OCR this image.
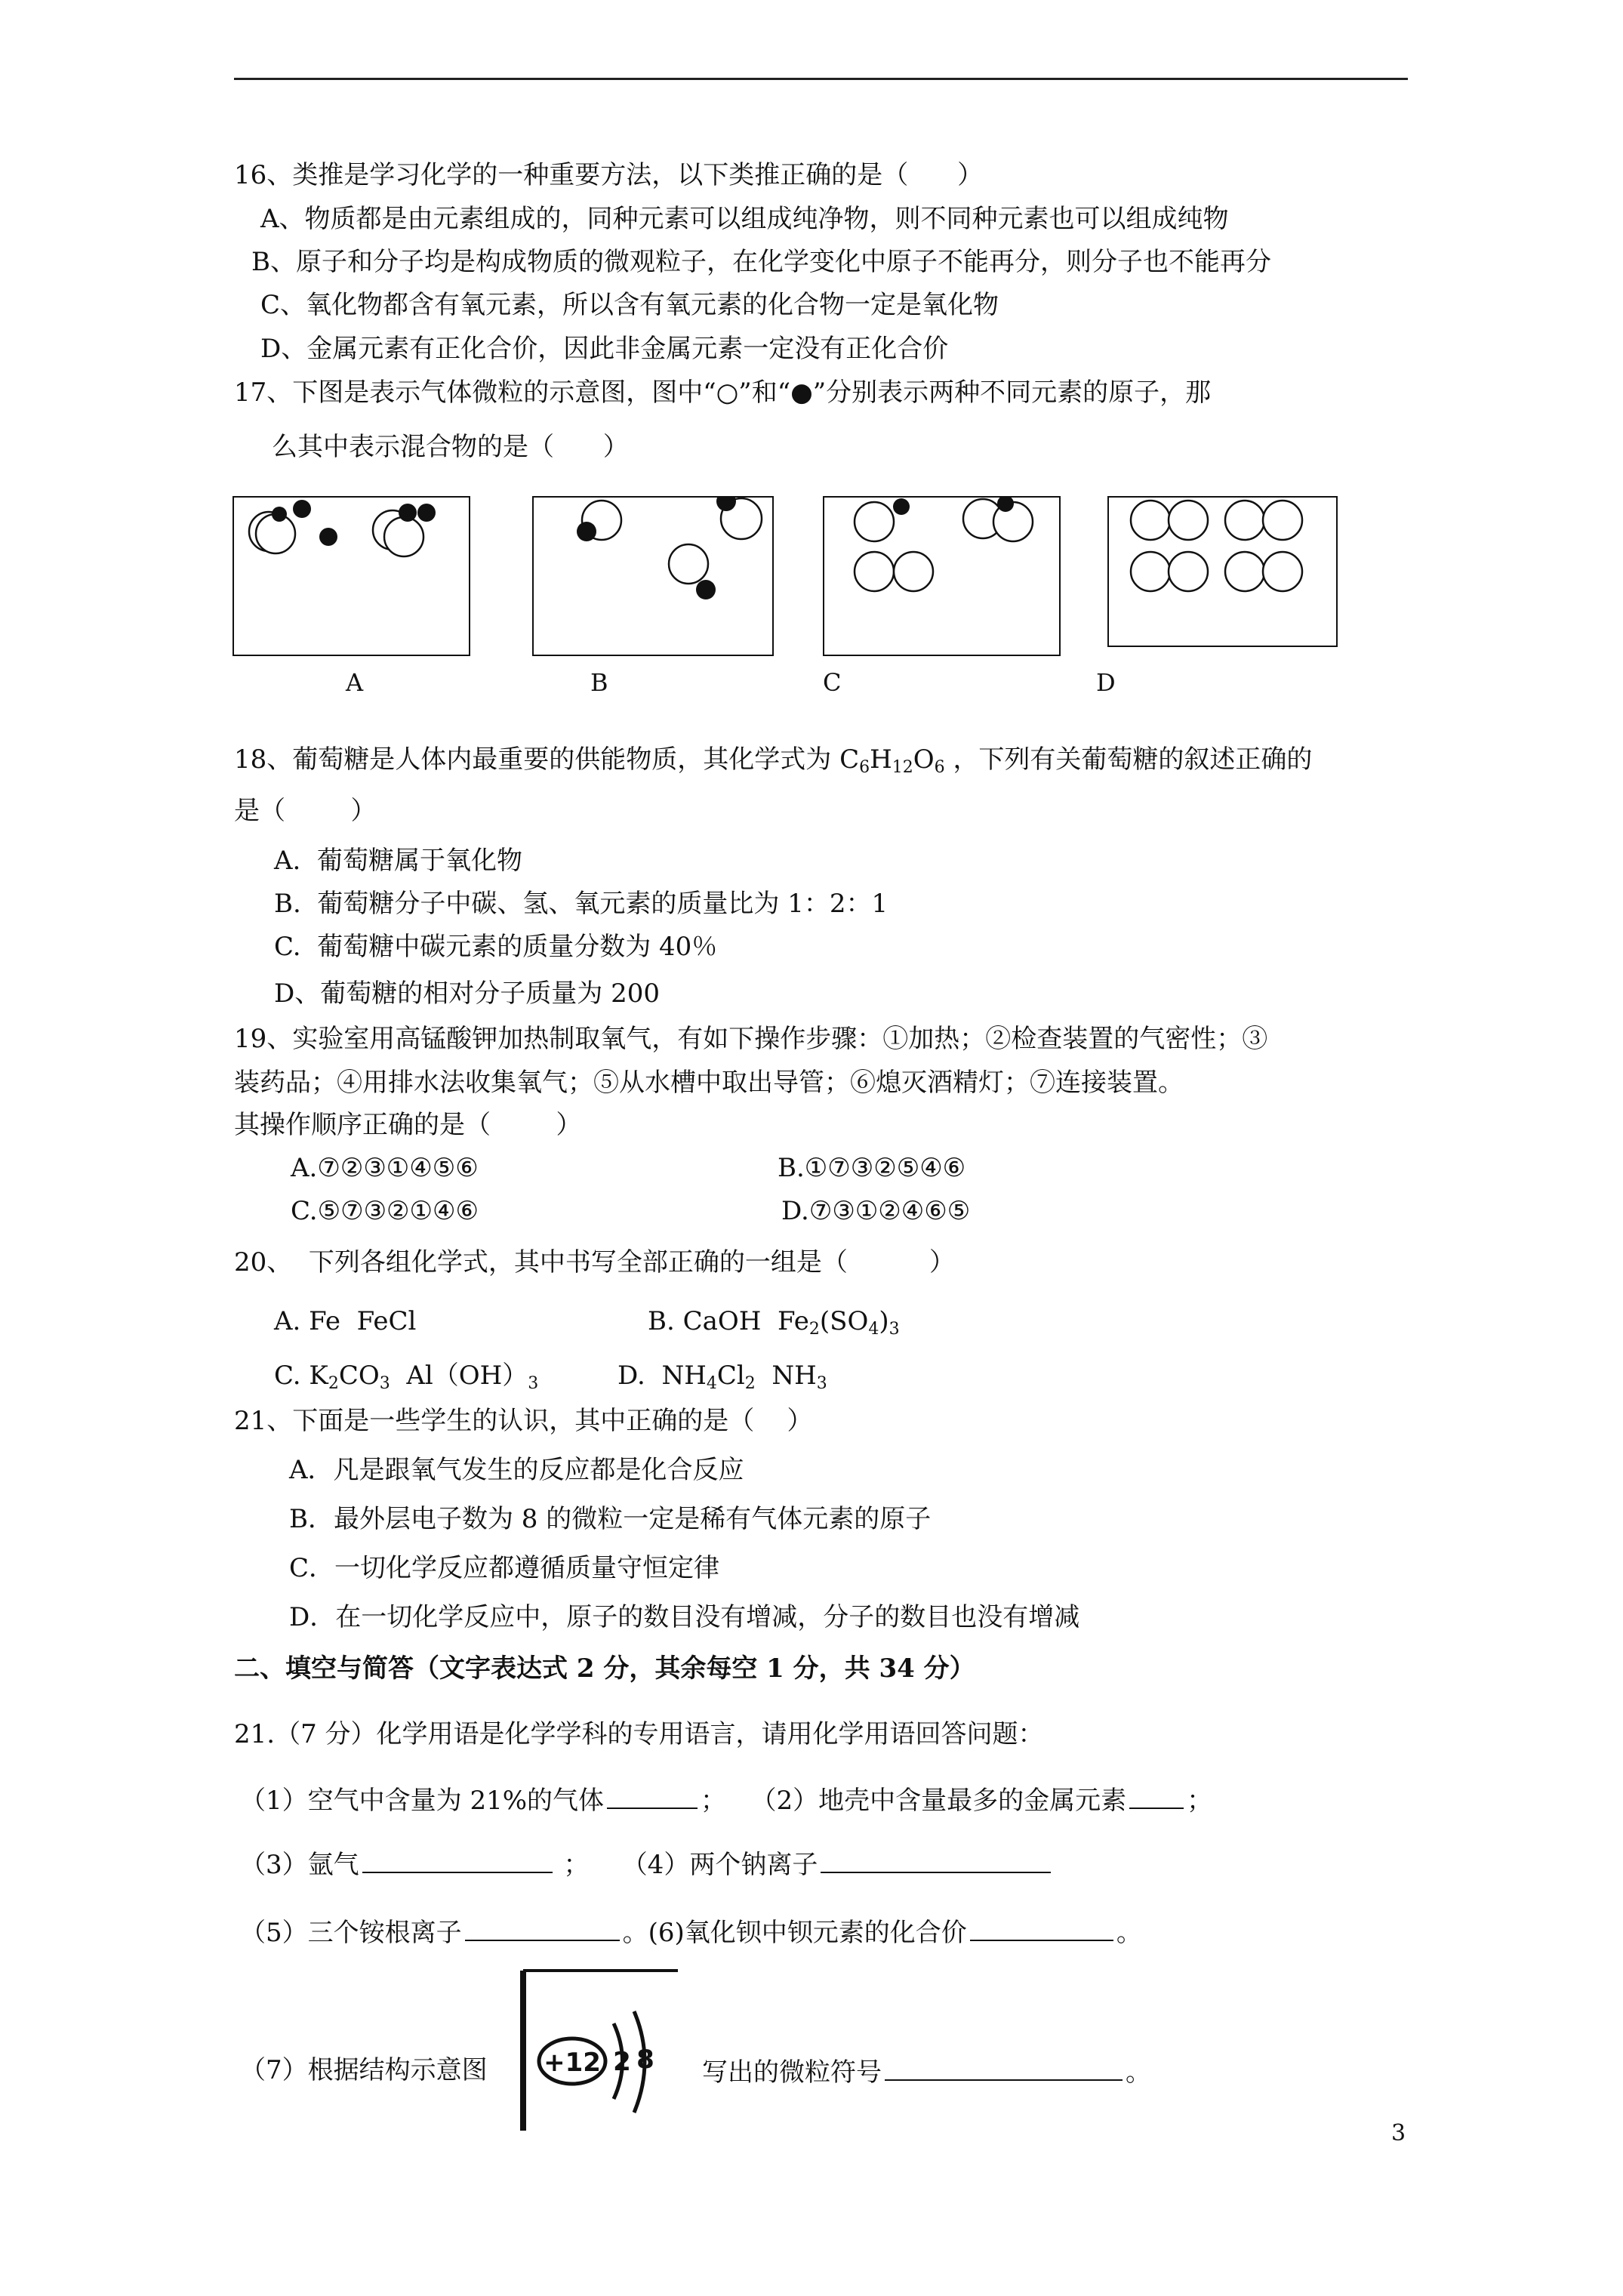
16、类推是学习化学的一种重要方法，以下类推正确的是（      ）
A、物质都是由元素组成的，同种元素可以组成纯净物，则不同种元素也可以组成纯物
B、原子和分子均是构成物质的微观粒子，在化学变化中原子不能再分，则分子也不能再分
C、氧化物都含有氧元素，所以含有氧元素的化合物一定是氧化物
D、金属元素有正化合价，因此非金属元素一定没有正化合价
17、下图是表示气体微粒的示意图，图中“○”和“●”分别表示两种不同元素的原子，那
么其中表示混合物的是（      ）
A	B	C	D
18、葡萄糖是人体内最重要的供能物质，其化学式为 $C_6H_{12}O_6$ ，下列有关葡萄糖的叙述正确的
是（        ）
A.  葡萄糖属于氧化物
B.  葡萄糖分子中碳、氢、氧元素的质量比为 1：2：1
C.  葡萄糖中碳元素的质量分数为 40％
D、葡萄糖的相对分子质量为 200
19、实验室用高锰酸钾加热制取氧气，有如下操作步骤：①加热；②检查装置的气密性；③
装药品；④用排水法收集氧气；⑤从水槽中取出导管；⑥熄灭酒精灯；⑦连接装置。
其操作顺序正确的是（        ）
A.⑦②③①④⑤⑥	B.①⑦③②⑤④⑥
C.⑤⑦③②①④⑥	D.⑦③①②④⑥⑤
20、  下列各组化学式，其中书写全部正确的一组是（          ）
A. Fe  FeCl	B. CaOH  $Fe_2(SO_4)_3$
C. $K_2CO_3$  $Al(OH)_3$	D.  $NH_4Cl_2$  $NH_3$
21、下面是一些学生的认识，其中正确的是（    ）
A．凡是跟氧气发生的反应都是化合反应
B．最外层电子数为 8 的微粒一定是稀有气体元素的原子
C．一切化学反应都遵循质量守恒定律
D．在一切化学反应中，原子的数目没有增减，分子的数目也没有增减
二、填空与简答（文字表达式 2 分，其余每空 1 分，共 34 分）
21.（7 分）化学用语是化学学科的专用语言，请用化学用语回答问题：
（1）空气中含量为 21%的气体	； （2）地壳中含量最多的金属元素 ；
（3）氩气	； （4）两个钠离子
（5）三个铵根离子	。(6)氧化钡中钡元素的化合价	。
（7）根据结构示意图 +12 2 8 写出的微粒符号	。
3
